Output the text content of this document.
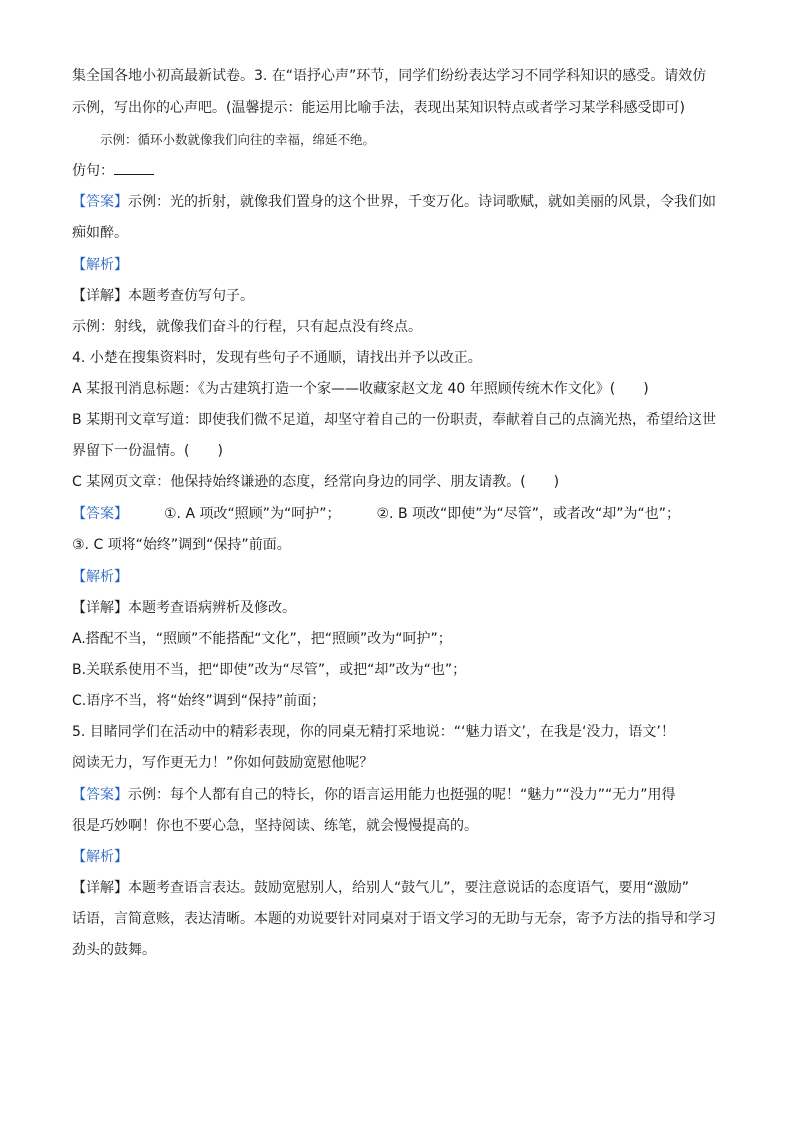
集全国各地小初高最新试卷。3. 在“语抒心声”环节，同学们纷纷表达学习不同学科知识的感受。请效仿
示例，写出你的心声吧。(温馨提示：能运用比喻手法，表现出某知识特点或者学习某学科感受即可)
示例：循环小数就像我们向往的幸福，绵延不绝。
仿句：
【答案】示例：光的折射，就像我们置身的这个世界，千变万化。诗词歌赋，就如美丽的风景，令我们如
痴如醉。
【解析】
【详解】本题考查仿写句子。
示例：射线，就像我们奋斗的行程，只有起点没有终点。
4. 小楚在搜集资料时，发现有些句子不通顺，请找出并予以改正。
A 某报刊消息标题：《为古建筑打造一个家——收藏家赵文龙 40 年照顾传统木作文化》(　　)
B 某期刊文章写道：即使我们微不足道，却坚守着自己的一份职责，奉献着自己的点滴光热，希望给这世
界留下一份温情。(　　)
C 某网页文章：他保持始终谦逊的态度，经常向身边的同学、朋友请教。(　　)
【答案】	①. A 项改“照顾”为“呵护”；	②. B 项改“即使”为“尽管”，或者改“却”为“也”；
③. C 项将“始终”调到“保持”前面。
【解析】
【详解】本题考查语病辨析及修改。
A.搭配不当，“照顾”不能搭配“文化”，把“照顾”改为“呵护”；
B.关联系使用不当，把“即使”改为“尽管”，或把“却”改为“也”；
C.语序不当，将“始终”调到“保持”前面；
5. 目睹同学们在活动中的精彩表现，你的同桌无精打采地说：“‘魅力语文’，在我是‘没力，语文’！
阅读无力，写作更无力！”你如何鼓励宽慰他呢？
【答案】示例：每个人都有自己的特长，你的语言运用能力也挺强的呢！“魅力”“没力”“无力”用得
很是巧妙啊！你也不要心急，坚持阅读、练笔，就会慢慢提高的。
【解析】
【详解】本题考查语言表达。鼓励宽慰别人，给别人“鼓气儿”，要注意说话的态度语气，要用“激励”
话语，言简意赅，表达清晰。本题的劝说要针对同桌对于语文学习的无助与无奈，寄予方法的指导和学习
劲头的鼓舞。
